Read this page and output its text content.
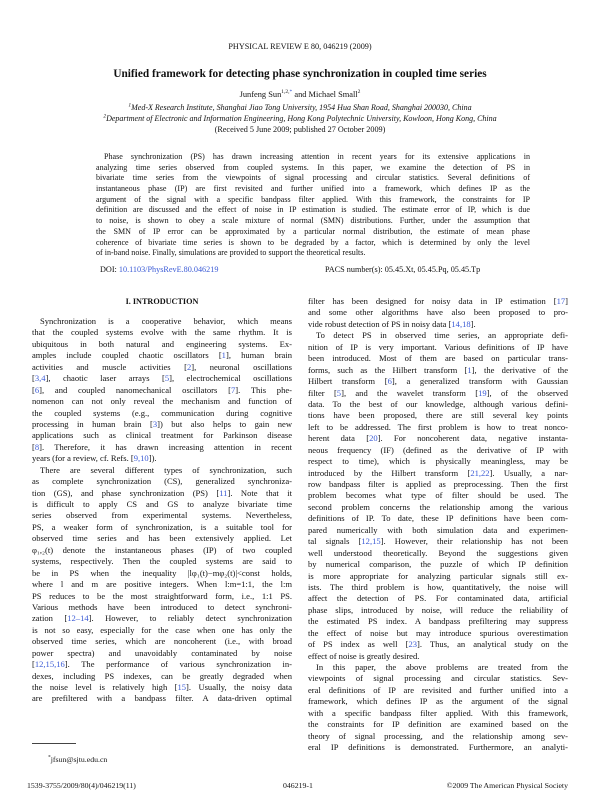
PHYSICAL REVIEW E 80, 046219 (2009)
Unified framework for detecting phase synchronization in coupled time series
Junfeng Sun$^{1,2,*}$ and Michael Small$^2$
$^1$Med-X Research Institute, Shanghai Jiao Tong University, 1954 Hua Shan Road, Shanghai 200030, China
$^2$Department of Electronic and Information Engineering, Hong Kong Polytechnic University, Kowloon, Hong Kong, China
(Received 5 June 2009; published 27 October 2009)
Phase synchronization (PS) has drawn increasing attention in recent years for its extensive applications in
analyzing time series observed from coupled systems. In this paper, we examine the detection of PS in
bivariate time series from the viewpoints of signal processing and circular statistics. Several definitions of
instantaneous phase (IP) are first revisited and further unified into a framework, which defines IP as the
argument of the signal with a specific bandpass filter applied. With this framework, the constraints for IP
definition are discussed and the effect of noise in IP estimation is studied. The estimate error of IP, which is due
to noise, is shown to obey a scale mixture of normal (SMN) distributions. Further, under the assumption that
the SMN of IP error can be approximated by a particular normal distribution, the estimate of mean phase
coherence of bivariate time series is shown to be degraded by a factor, which is determined by only the level
of in-band noise. Finally, simulations are provided to support the theoretical results.
DOI: 10.1103/PhysRevE.80.046219	PACS number(s): 05.45.Xt, 05.45.Pq, 05.45.Tp
I. INTRODUCTION
Synchronization is a cooperative behavior, which means
that the coupled systems evolve with the same rhythm. It is
ubiquitous in both natural and engineering systems. Ex-
amples include coupled chaotic oscillators [1], human brain
activities and muscle activities [2], neuronal oscillations
[3,4], chaotic laser arrays [5], electrochemical oscillations
[6], and coupled nanomechanical oscillators [7]. This phe-
nomenon can not only reveal the mechanism and function of
the coupled systems (e.g., communication during cognitive
processing in human brain [3]) but also helps to gain new
applications such as clinical treatment for Parkinson disease
[8]. Therefore, it has drawn increasing attention in recent
years (for a review, cf. Refs. [9,10]).
There are several different types of synchronization, such
as complete synchronization (CS), generalized synchroniza-
tion (GS), and phase synchronization (PS) [11]. Note that it
is difficult to apply CS and GS to analyze bivariate time
series observed from experimental systems. Nevertheless,
PS, a weaker form of synchronization, is a suitable tool for
observed time series and has been extensively applied. Let
φ₁,₂(t) denote the instantaneous phases (IP) of two coupled
systems, respectively. Then the coupled systems are said to
be in PS when the inequality |lφ₁(t)−mφ₂(t)|<const holds,
where l and m are positive integers. When l:m=1:1, the l:m
PS reduces to be the most straightforward form, i.e., 1:1 PS.
Various methods have been introduced to detect synchroni-
zation [12–14]. However, to reliably detect synchronization
is not so easy, especially for the case when one has only the
observed time series, which are noncoherent (i.e., with broad
power spectra) and unavoidably contaminated by noise
[12,15,16]. The performance of various synchronization in-
dexes, including PS indexes, can be greatly degraded when
the noise level is relatively high [15]. Usually, the noisy data
are prefiltered with a bandpass filter. A data-driven optimal
filter has been designed for noisy data in IP estimation [17]
and some other algorithms have also been proposed to pro-
vide robust detection of PS in noisy data [14,18].
To detect PS in observed time series, an appropriate defi-
nition of IP is very important. Various definitions of IP have
been introduced. Most of them are based on particular trans-
forms, such as the Hilbert transform [1], the derivative of the
Hilbert transform [6], a generalized transform with Gaussian
filter [5], and the wavelet transform [19], of the observed
data. To the best of our knowledge, although various defini-
tions have been proposed, there are still several key points
left to be addressed. The first problem is how to treat nonco-
herent data [20]. For noncoherent data, negative instanta-
neous frequency (IF) (defined as the derivative of IP with
respect to time), which is physically meaningless, may be
introduced by the Hilbert transform [21,22]. Usually, a nar-
row bandpass filter is applied as preprocessing. Then the first
problem becomes what type of filter should be used. The
second problem concerns the relationship among the various
definitions of IP. To date, these IP definitions have been com-
pared numerically with both simulation data and experimen-
tal signals [12,15]. However, their relationship has not been
well understood theoretically. Beyond the suggestions given
by numerical comparison, the puzzle of which IP definition
is more appropriate for analyzing particular signals still ex-
ists. The third problem is how, quantitatively, the noise will
affect the detection of PS. For contaminated data, artificial
phase slips, introduced by noise, will reduce the reliability of
the estimated PS index. A bandpass prefiltering may suppress
the effect of noise but may introduce spurious overestimation
of PS index as well [23]. Thus, an analytical study on the
effect of noise is greatly desired.
In this paper, the above problems are treated from the
viewpoints of signal processing and circular statistics. Sev-
eral definitions of IP are revisited and further unified into a
framework, which defines IP as the argument of the signal
with a specific bandpass filter applied. With this framework,
the constraints for IP definition are examined based on the
theory of signal processing, and the relationship among sev-
eral IP definitions is demonstrated. Furthermore, an analyti-
*jfsun@sjtu.edu.cn
1539-3755/2009/80(4)/046219(11)	046219-1	©2009 The American Physical Society
